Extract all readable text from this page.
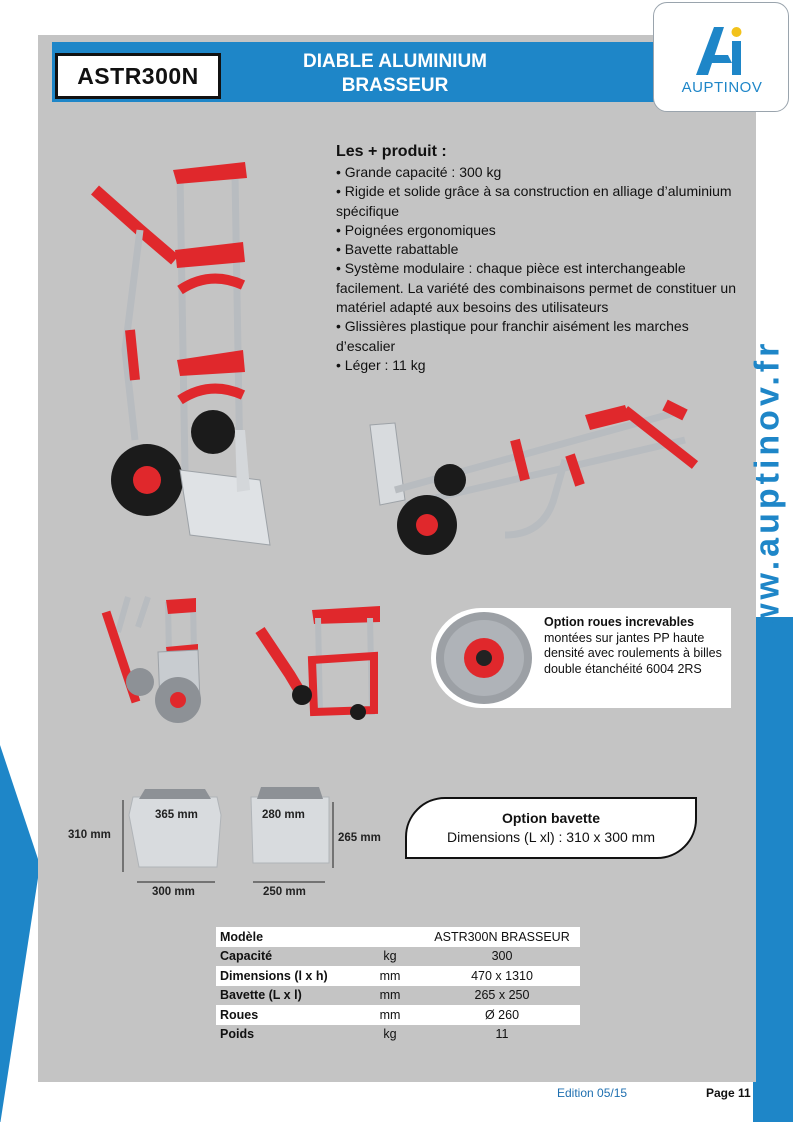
ASTR300N
DIABLE ALUMINIUM
BRASSEUR	AUPTINOV
www.auptinov.fr
Les + produit :
• Grande capacité : 300 kg
• Rigide et solide grâce à sa construction en alliage d’aluminium spécifique
• Poignées ergonomiques
• Bavette rabattable
• Système modulaire : chaque pièce est interchangeable facilement. La variété des combinaisons permet de constituer un matériel adapté aux besoins des utilisateurs
• Glissières plastique pour franchir aisément les marches d’escalier
• Léger : 11 kg
Option roues increvables montées sur jantes PP haute densité avec roulements à billes double étanchéité 6004 2RS
310 mm
365 mm
300 mm
280 mm
265 mm
250 mm
Option bavette
Dimensions (L xl) : 310 x 300 mm
Modèle		ASTR300N BRASSEUR
Capacité	kg	300
Dimensions (l x h)	mm	470 x 1310
Bavette (L x l)	mm	265 x 250
Roues	mm	Ø 260
Poids	kg	11
Edition 05/15	Page 11
